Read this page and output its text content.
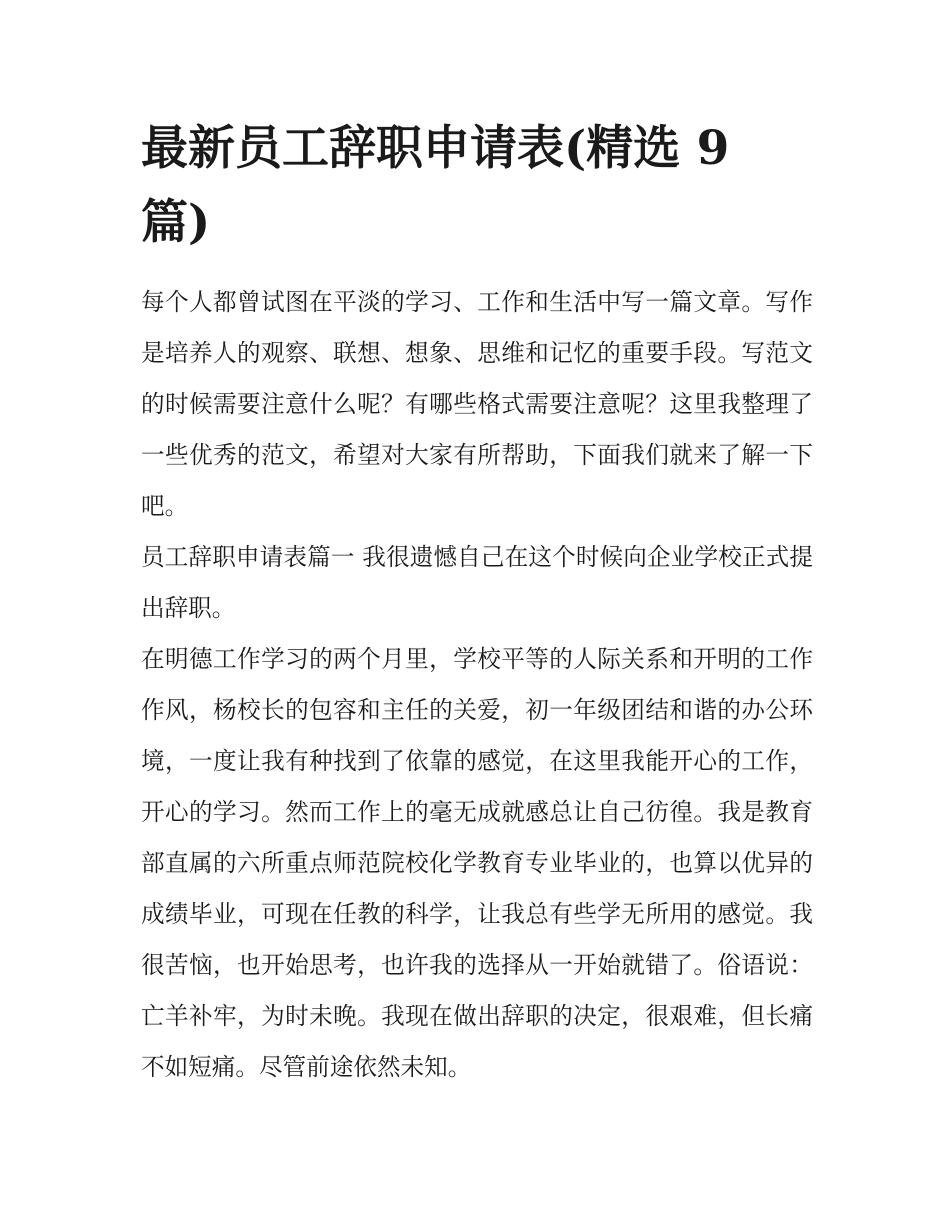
最新员工辞职申请表(精选 9 篇)

每个人都曾试图在平淡的学习、工作和生活中写一篇文章。写作是培养人的观察、联想、想象、思维和记忆的重要手段。写范文的时候需要注意什么呢？有哪些格式需要注意呢？这里我整理了一些优秀的范文，希望对大家有所帮助，下面我们就来了解一下吧。

员工辞职申请表篇一 我很遗憾自己在这个时候向企业学校正式提出辞职。

在明德工作学习的两个月里，学校平等的人际关系和开明的工作作风，杨校长的包容和主任的关爱，初一年级团结和谐的办公环境，一度让我有种找到了依靠的感觉，在这里我能开心的工作，开心的学习。然而工作上的毫无成就感总让自己彷徨。我是教育部直属的六所重点师范院校化学教育专业毕业的，也算以优异的成绩毕业，可现在任教的科学，让我总有些学无所用的感觉。我很苦恼，也开始思考，也许我的选择从一开始就错了。俗语说：亡羊补牢，为时未晚。我现在做出辞职的决定，很艰难，但长痛不如短痛。尽管前途依然未知。
